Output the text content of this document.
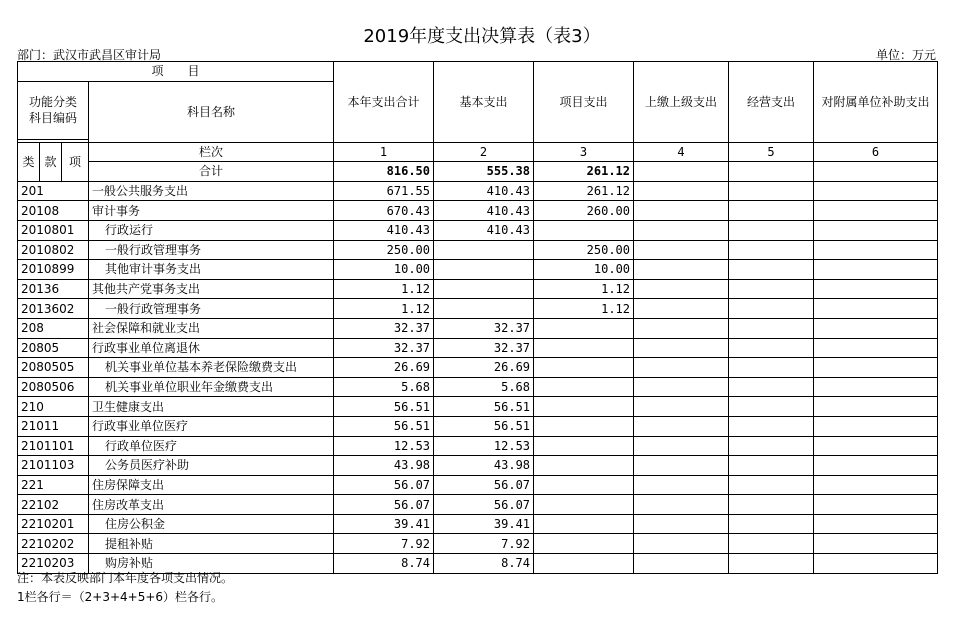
2019年度支出决算表（表3）
部门：武汉市武昌区审计局	单位：万元
项　　目				本年支出合计	基本支出	项目支出	上缴上级支出	经营支出	对附属单位补助支出
功能分类科目编码			科目名称						

类	款	项	栏次	1	2	3	4	5	6
			合计	816.50	555.38	261.12			
201			一般公共服务支出	671.55	410.43	261.12			
20108			审计事务	670.43	410.43	260.00			
2010801			行政运行	410.43	410.43				
2010802			一般行政管理事务	250.00		250.00			
2010899			其他审计事务支出	10.00		10.00			
20136			其他共产党事务支出	1.12		1.12			
2013602			一般行政管理事务	1.12		1.12			
208			社会保障和就业支出	32.37	32.37				
20805			行政事业单位离退休	32.37	32.37				
2080505			机关事业单位基本养老保险缴费支出	26.69	26.69				
2080506			机关事业单位职业年金缴费支出	5.68	5.68				
210			卫生健康支出	56.51	56.51				
21011			行政事业单位医疗	56.51	56.51				
2101101			行政单位医疗	12.53	12.53				
2101103			公务员医疗补助	43.98	43.98				
221			住房保障支出	56.07	56.07				
22102			住房改革支出	56.07	56.07				
2210201			住房公积金	39.41	39.41				
2210202			提租补贴	7.92	7.92				
2210203			购房补贴	8.74	8.74				
注：本表反映部门本年度各项支出情况。
1栏各行＝（2+3+4+5+6）栏各行。
